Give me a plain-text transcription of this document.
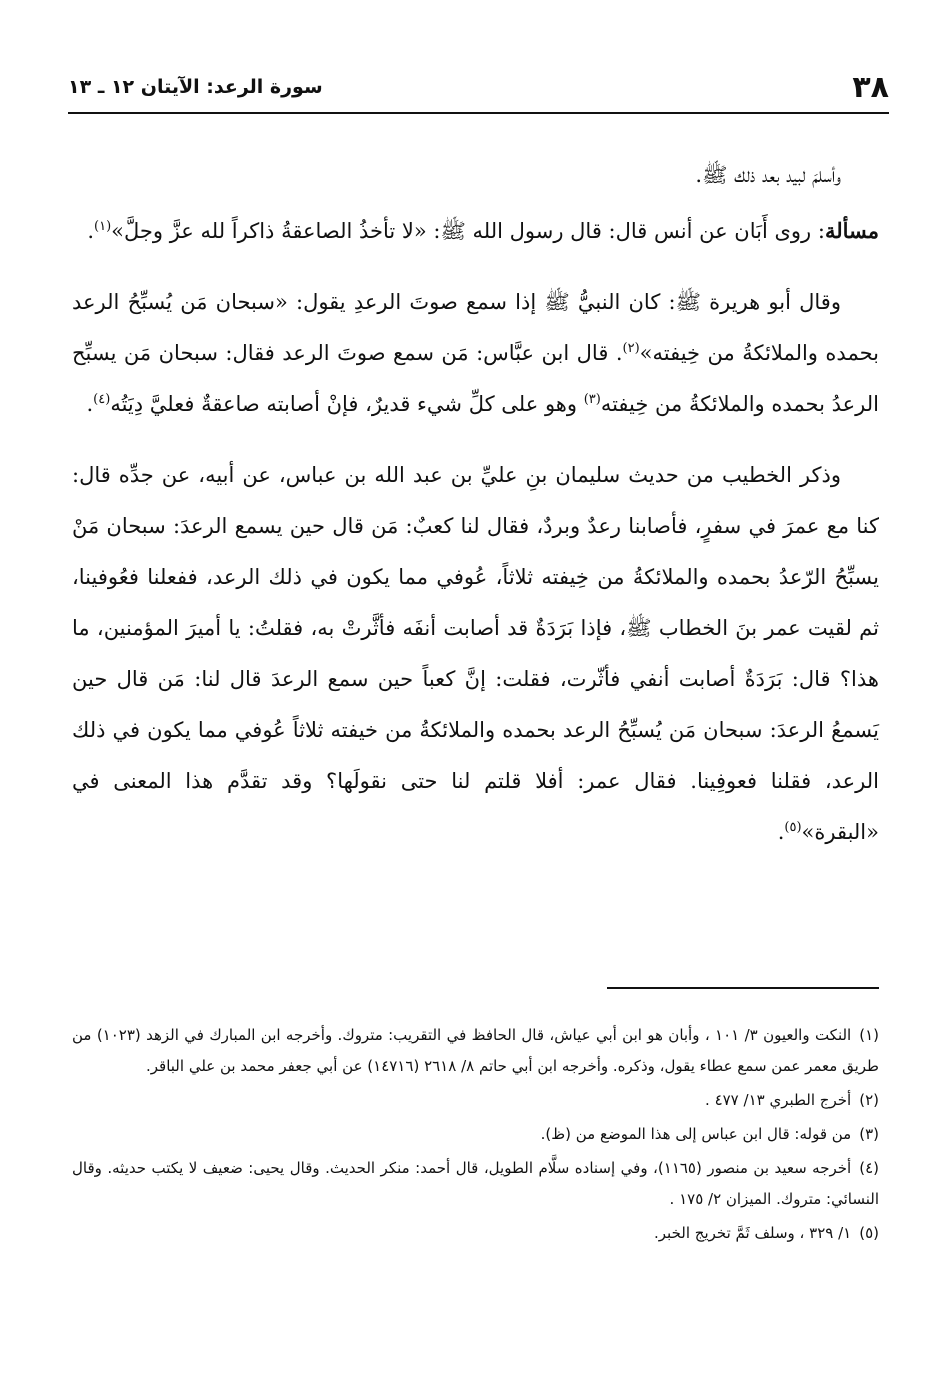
٣٨
سورة الرعد: الآيتان ١٢ ـ ١٣

وأسلمَ لبيد بعد ذلك ﷺ.

مسألة: روى أَبَان عن أنس قال: قال رسول الله ﷺ: «لا تأخذُ الصاعقةُ ذاكراً لله عزَّ وجلَّ»$^{(١)}$.

وقال أبو هريرة ﷺ: كان النبيُّ ﷺ إذا سمع صوتَ الرعدِ يقول: «سبحان مَن يُسبِّحُ الرعد بحمده والملائكةُ من خِيفته»$^{(٢)}$. قال ابن عبَّاس: مَن سمع صوتَ الرعد فقال: سبحان مَن يسبِّح الرعدُ بحمده والملائكةُ من خِيفته$^{(٣)}$ وهو على كلِّ شيء قديرٌ، فإنْ أصابته صاعقةٌ فعليَّ دِيَتُه$^{(٤)}$.

وذكر الخطيب من حديث سليمان بنِ عليِّ بن عبد الله بن عباس، عن أبيه، عن جدِّه قال: كنا مع عمرَ في سفرٍ، فأصابنا رعدٌ وبردٌ، فقال لنا كعبٌ: مَن قال حين يسمع الرعدَ: سبحان مَنْ يسبِّحُ الرّعدُ بحمده والملائكةُ من خِيفته ثلاثاً، عُوفي مما يكون في ذلك الرعد، ففعلنا فعُوفينا، ثم لقيت عمر بنَ الخطاب ﷺ، فإذا بَرَدَةٌ قد أصابت أنفَه فأثَّرتْ به، فقلتُ: يا أميرَ المؤمنين، ما هذا؟ قال: بَرَدَةٌ أصابت أنفي فأثّرت، فقلت: إنَّ كعباً حين سمع الرعدَ قال لنا: مَن قال حين يَسمعُ الرعدَ: سبحان مَن يُسبِّحُ الرعد بحمده والملائكةُ من خيفته ثلاثاً عُوفي مما يكون في ذلك الرعد، فقلنا فعوفِينا. فقال عمر: أفلا قلتم لنا حتى نقولَها؟ وقد تقدَّم هذا المعنى في «البقرة»$^{(٥)}$.

(١)النكت والعيون ٣/ ١٠١ ، وأبان هو ابن أبي عياش، قال الحافظ في التقريب: متروك. وأخرجه ابن المبارك في الزهد (١٠٢٣) من طريق معمر عمن سمع عطاء يقول، وذكره. وأخرجه ابن أبي حاتم ٨/ ٢٦١٨ (١٤٧١٦) عن أبي جعفر محمد بن علي الباقر.

(٢)أخرج الطبري ١٣/ ٤٧٧ .

(٣)من قوله: قال ابن عباس إلى هذا الموضع من (ظ).

(٤)أخرجه سعيد بن منصور (١١٦٥)، وفي إسناده سلَّام الطويل، قال أحمد: منكر الحديث. وقال يحيى: ضعيف لا يكتب حديثه. وقال النسائي: متروك. الميزان ٢/ ١٧٥ .

(٥)١/ ٣٢٩ ، وسلف ثَمَّ تخريج الخبر.
